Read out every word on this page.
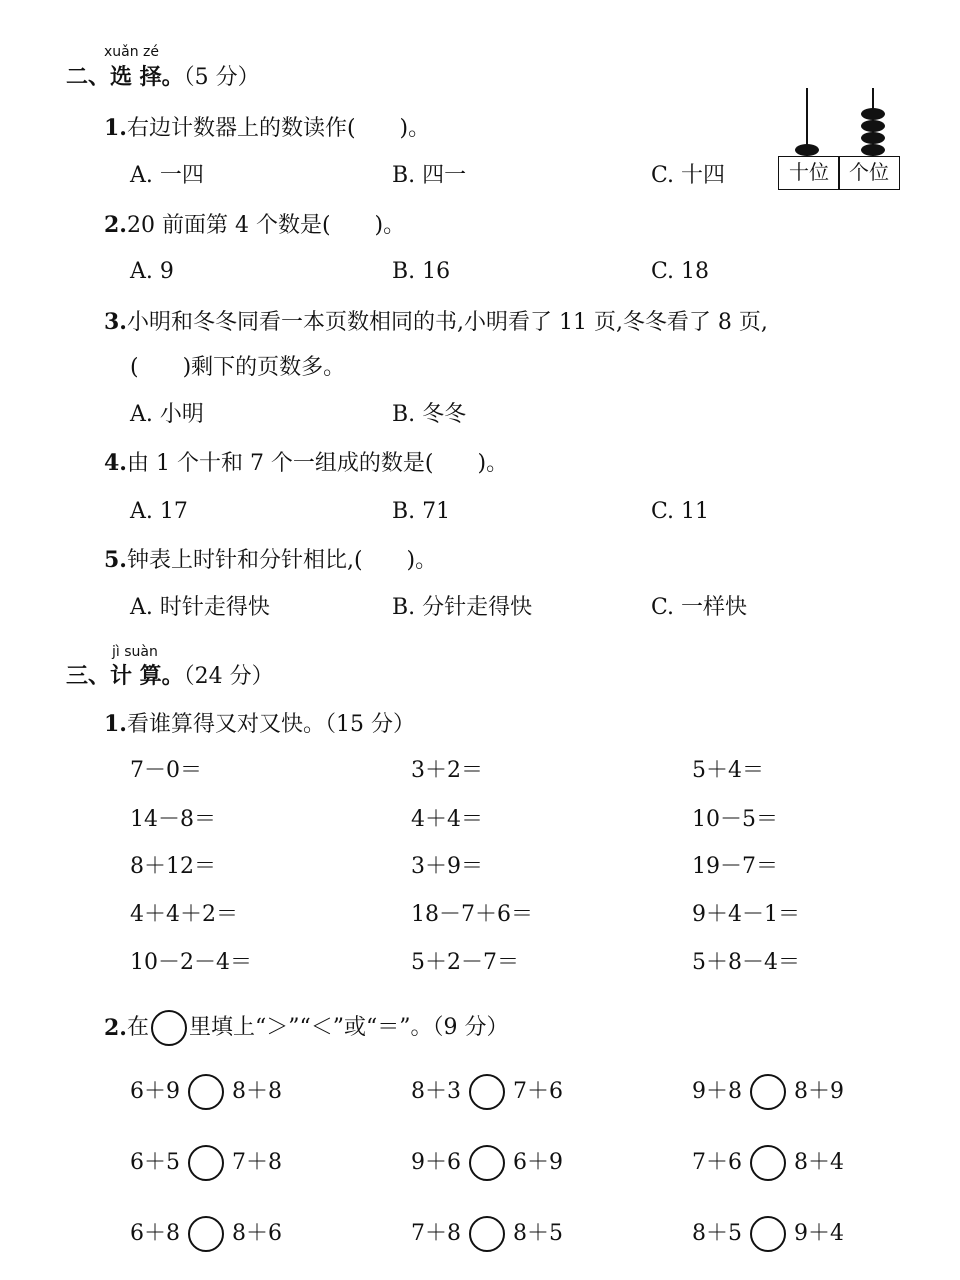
xuǎn zé
二、选 择。（5 分）
十位	个位
1.右边计数器上的数读作(　　)。
A. 一四	B. 四一	C. 十四
2.20 前面第 4 个数是(　　)。
A. 9	B. 16	C. 18
3.小明和冬冬同看一本页数相同的书,小明看了 11 页,冬冬看了 8 页,
(　　)剩下的页数多。
A. 小明	B. 冬冬
4.由 1 个十和 7 个一组成的数是(　　)。
A. 17	B. 71	C. 11
5.钟表上时针和分针相比,(　　)。
A. 时针走得快	B. 分针走得快	C. 一样快
jì suàn
三、计 算。（24 分）
1.看谁算得又对又快。（15 分）
2. 在 里填上“＞”“＜”或“＝”。（9 分）
7－0＝	3＋2＝	5＋4＝
14－8＝	4＋4＝	10－5＝
8＋12＝	3＋9＝	19－7＝
4＋4＋2＝	18－7＋6＝	9＋4－1＝
10－2－4＝	5＋2－7＝	5＋8－4＝
6＋9 8＋8	8＋3 7＋6	9＋8 8＋9
6＋5 7＋8	9＋6 6＋9	7＋6 8＋4
6＋8 8＋6	7＋8 8＋5	8＋5 9＋4
